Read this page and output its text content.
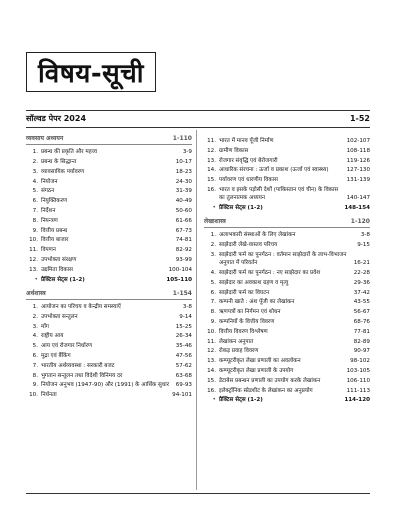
विषय-सूची
सॉल्वड पेपर 2024	1-52
व्यवसाय अध्ययन	1-110
1. प्रबन्ध की प्रकृति और महत्त्व	3-9
2. प्रबन्ध के सिद्धान्त	10-17
3. व्यावसायिक पर्यावरण	18-23
4. नियोजन	24-30
5. संगठन	31-39
6. नियुक्तिकरण	40-49
7. निर्देशन	50-60
8. नियन्त्रण	61-66
9. वित्तीय प्रबन्ध	67-73
10. वित्तीय बाजार	74-81
11. विपणन	82-92
12. उपभोक्ता संरक्षण	93-99
13. उद्यमिता विकास	100-104
• प्रैक्टिस सेट्स (1-2)	105-110
अर्थशास्त्र	1-154
1. आयोजन का परिचय व केन्द्रीय समस्याएँ	3-8
2. उपभोक्ता सन्तुलन	9-14
3. माँग	15-25
4. राष्ट्रीय आय	26-34
5. आय एवं रोजगार निर्धारण	35-46
6. मुद्रा एवं बैंकिंग	47-56
7. भारतीय अर्थव्यवस्था : सरकारी बजट	57-62
8. भुगतान सन्तुलन तथा विदेशी विनिमय दर	63-68
9. नियोजन अनुभव (1947-90) और (1991) के आर्थिक सुधार	69-93
10. निर्धनता	94-101
11. भारत में मानव पूँजी निर्माण	102-107
12. ग्रामीण विकास	108-118
13. रोजगार संवृद्धि एवं बेरोजगारी	119-126
14. आधारिक संरचना : ऊर्जा व प्रकाश (ऊर्जा एवं स्वास्थ्य)	127-130
15. पर्यावरण एवं धारणीय विकास	131-139
16. भारत व इसके पड़ोसी देशों (पाकिस्तान एवं चीन) के विकास का तुलनात्मक अध्ययन	140-147
• प्रैक्टिस सेट्स (1-2)	148-154
लेखाशास्त्र	1-120
1. अलाभकारी संस्थाओं के लिए लेखांकन	3-8
2. साझेदारी लेखे-वास्तव परिचय	9-15
3. साझेदारी फर्म का पुनर्गठन : वर्तमान साझेदारों के लाभ-विभाजन अनुपात में परिवर्तन	16-21
4. साझेदारी फर्म का पुनर्गठन : नए साझेदार का प्रवेश	22-28
5. साझेदार का अवकाश ग्रहण व मृत्यु	29-36
6. साझेदारी फर्म का विघटन	37-42
7. कम्पनी खाते : अंश पूँजी का लेखांकन	43-55
8. ऋणपत्रों का निर्गमन एवं शोधन	56-67
9. कम्पनियों के वित्तीय विवरण	68-76
10. वित्तीय विवरण विश्लेषण	77-81
11. लेखांकन अनुपात	82-89
12. रोकड़ प्रवाह विवरण	90-97
13. कम्प्यूटरीकृत लेखा प्रणाली का अवलोकन	98-102
14. कम्प्यूटरीकृत लेखा प्रणाली के उपयोग	103-105
15. डेटाबेस प्रबन्धन प्रणाली का उपयोग करके लेखांकन	106-110
16. इलेक्ट्रॉनिक स्प्रेडशीट के लेखांकन का अनुप्रयोग	111-113
• प्रैक्टिस सेट्स (1-2)	114-120
